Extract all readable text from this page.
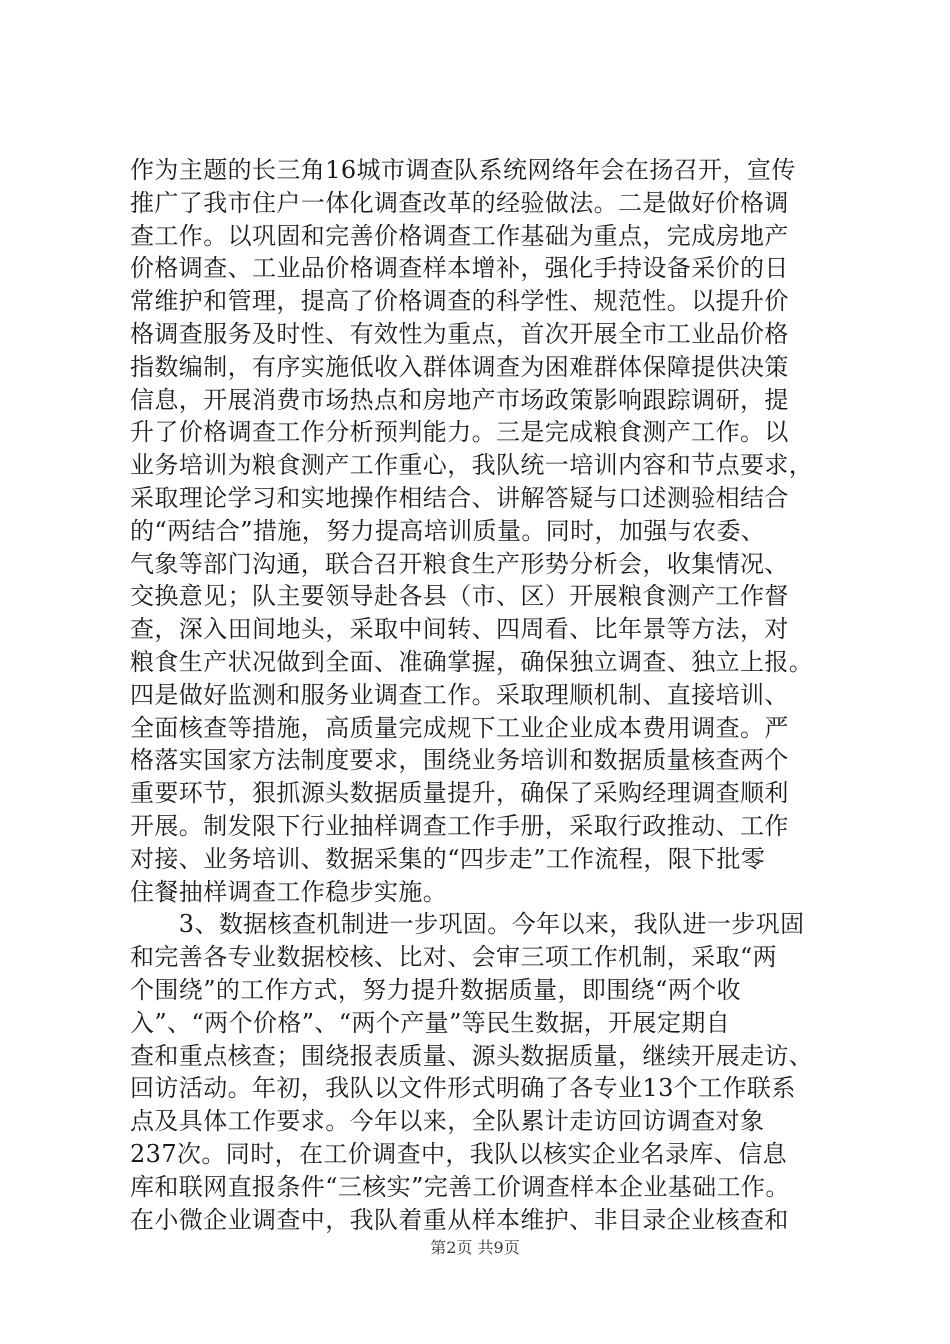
作为主题的长三角16城市调查队系统网络年会在扬召开，宣传
推广了我市住户一体化调查改革的经验做法。二是做好价格调
查工作。以巩固和完善价格调查工作基础为重点，完成房地产
价格调查、工业品价格调查样本增补，强化手持设备采价的日
常维护和管理，提高了价格调查的科学性、规范性。以提升价
格调查服务及时性、有效性为重点，首次开展全市工业品价格
指数编制，有序实施低收入群体调查为困难群体保障提供决策
信息，开展消费市场热点和房地产市场政策影响跟踪调研，提
升了价格调查工作分析预判能力。三是完成粮食测产工作。以
业务培训为粮食测产工作重心，我队统一培训内容和节点要求，
采取理论学习和实地操作相结合、讲解答疑与口述测验相结合
的“两结合”措施，努力提高培训质量。同时，加强与农委、
气象等部门沟通，联合召开粮食生产形势分析会，收集情况、
交换意见；队主要领导赴各县（市、区）开展粮食测产工作督
查，深入田间地头，采取中间转、四周看、比年景等方法，对
粮食生产状况做到全面、准确掌握，确保独立调查、独立上报。
四是做好监测和服务业调查工作。采取理顺机制、直接培训、
全面核查等措施，高质量完成规下工业企业成本费用调查。严
格落实国家方法制度要求，围绕业务培训和数据质量核查两个
重要环节，狠抓源头数据质量提升，确保了采购经理调查顺利
开展。制发限下行业抽样调查工作手册，采取行政推动、工作
对接、业务培训、数据采集的“四步走”工作流程，限下批零
住餐抽样调查工作稳步实施。
　　3、数据核查机制进一步巩固。今年以来，我队进一步巩固
和完善各专业数据校核、比对、会审三项工作机制，采取“两
个围绕”的工作方式，努力提升数据质量，即围绕“两个收
入”、“两个价格”、“两个产量”等民生数据，开展定期自
查和重点核查；围绕报表质量、源头数据质量，继续开展走访、
回访活动。年初，我队以文件形式明确了各专业13个工作联系
点及具体工作要求。今年以来，全队累计走访回访调查对象
237次。同时，在工价调查中，我队以核实企业名录库、信息
库和联网直报条件“三核实”完善工价调查样本企业基础工作。
在小微企业调查中，我队着重从样本维护、非目录企业核查和
第2页 共9页
